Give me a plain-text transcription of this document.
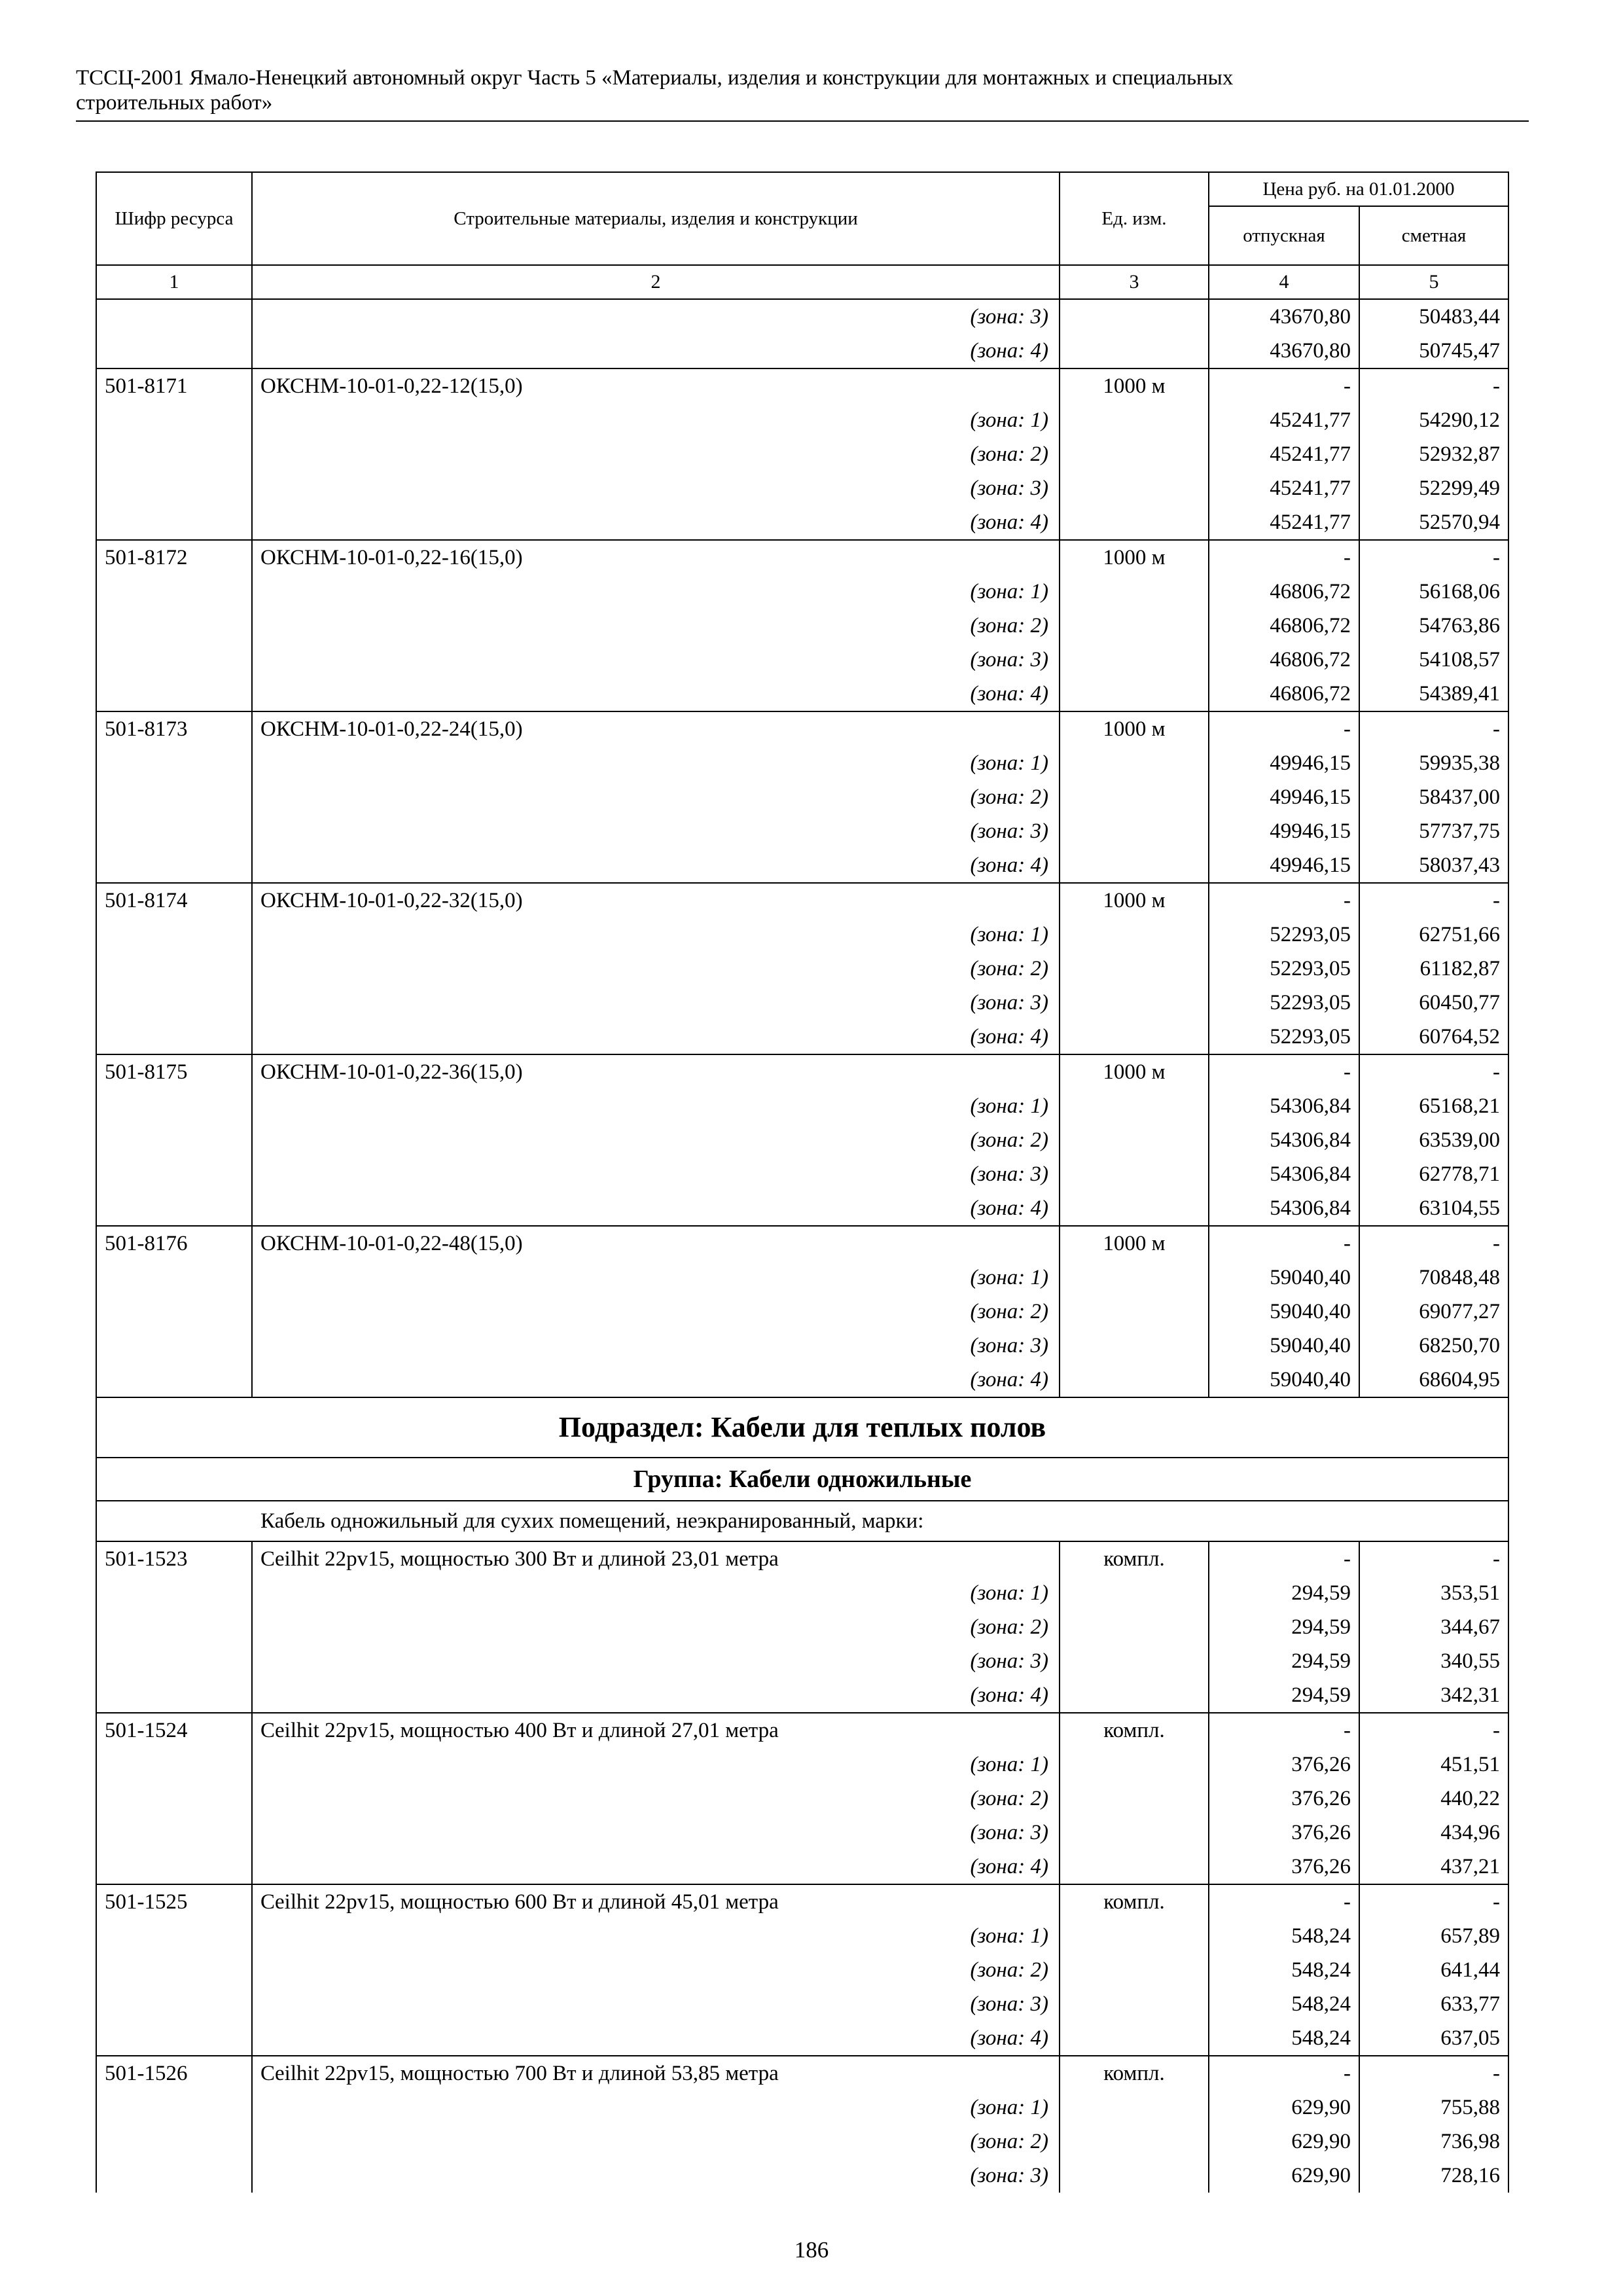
ТССЦ-2001 Ямало-Ненецкий автономный округ Часть 5 «Материалы, изделия и конструкции для монтажных и специальных
строительных работ»
Шифр ресурса	Строительные материалы, изделия и конструкции	Ед. изм.	Цена руб. на 01.01.2000	
			отпускная	сметная
1	2	3	4	5
	(зона: 3)		43670,80	50483,44
	(зона: 4)		43670,80	50745,47
501-8171	ОКСНМ-10-01-0,22-12(15,0)	1000 м	-	-
	(зона: 1)		45241,77	54290,12
	(зона: 2)		45241,77	52932,87
	(зона: 3)		45241,77	52299,49
	(зона: 4)		45241,77	52570,94
501-8172	ОКСНМ-10-01-0,22-16(15,0)	1000 м	-	-
	(зона: 1)		46806,72	56168,06
	(зона: 2)		46806,72	54763,86
	(зона: 3)		46806,72	54108,57
	(зона: 4)		46806,72	54389,41
501-8173	ОКСНМ-10-01-0,22-24(15,0)	1000 м	-	-
	(зона: 1)		49946,15	59935,38
	(зона: 2)		49946,15	58437,00
	(зона: 3)		49946,15	57737,75
	(зона: 4)		49946,15	58037,43
501-8174	ОКСНМ-10-01-0,22-32(15,0)	1000 м	-	-
	(зона: 1)		52293,05	62751,66
	(зона: 2)		52293,05	61182,87
	(зона: 3)		52293,05	60450,77
	(зона: 4)		52293,05	60764,52
501-8175	ОКСНМ-10-01-0,22-36(15,0)	1000 м	-	-
	(зона: 1)		54306,84	65168,21
	(зона: 2)		54306,84	63539,00
	(зона: 3)		54306,84	62778,71
	(зона: 4)		54306,84	63104,55
501-8176	ОКСНМ-10-01-0,22-48(15,0)	1000 м	-	-
	(зона: 1)		59040,40	70848,48
	(зона: 2)		59040,40	69077,27
	(зона: 3)		59040,40	68250,70
	(зона: 4)		59040,40	68604,95
Подраздел: Кабели для теплых полов				
Группа: Кабели одножильные				
Кабель одножильный для сухих помещений, неэкранированный, марки:				
501-1523	Ceilhit 22pv15, мощностью 300 Вт и длиной 23,01 метра	компл.	-	-
	(зона: 1)		294,59	353,51
	(зона: 2)		294,59	344,67
	(зона: 3)		294,59	340,55
	(зона: 4)		294,59	342,31
501-1524	Ceilhit 22pv15, мощностью 400 Вт и длиной 27,01 метра	компл.	-	-
	(зона: 1)		376,26	451,51
	(зона: 2)		376,26	440,22
	(зона: 3)		376,26	434,96
	(зона: 4)		376,26	437,21
501-1525	Ceilhit 22pv15, мощностью 600 Вт и длиной 45,01 метра	компл.	-	-
	(зона: 1)		548,24	657,89
	(зона: 2)		548,24	641,44
	(зона: 3)		548,24	633,77
	(зона: 4)		548,24	637,05
501-1526	Ceilhit 22pv15, мощностью 700 Вт и длиной 53,85 метра	компл.	-	-
	(зона: 1)		629,90	755,88
	(зона: 2)		629,90	736,98
	(зона: 3)		629,90	728,16
186
